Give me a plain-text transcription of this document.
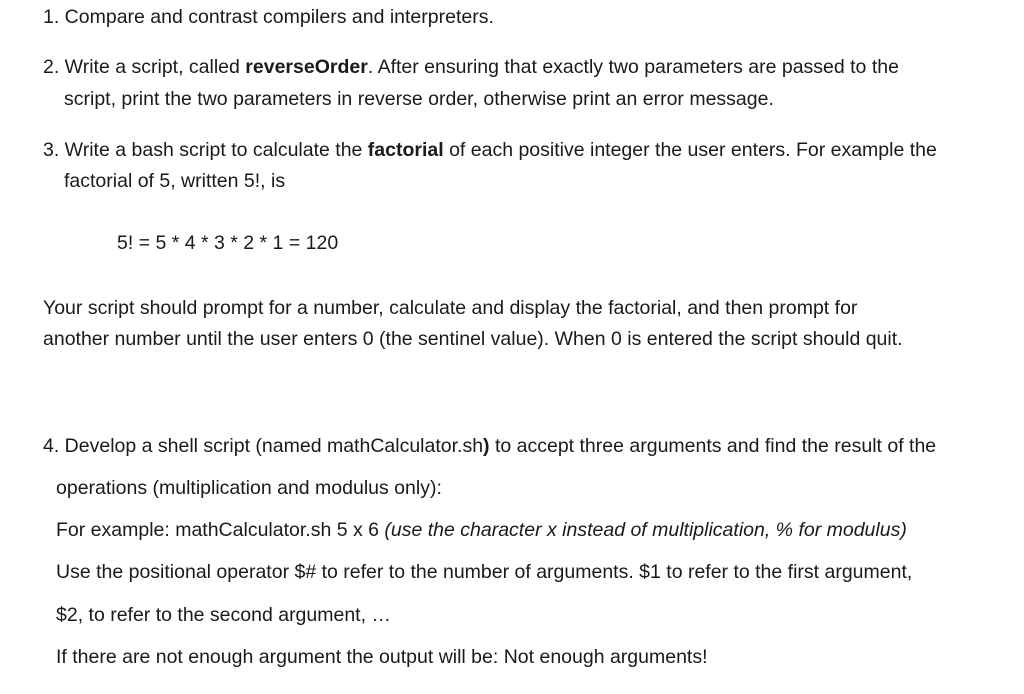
1. Compare and contrast compilers and interpreters.
2. Write a script, called reverseOrder. After ensuring that exactly two parameters are passed to the
script, print the two parameters in reverse order, otherwise print an error message.
3. Write a bash script to calculate the factorial of each positive integer the user enters. For example the
factorial of 5, written 5!, is
5! = 5 * 4 * 3 * 2 * 1 = 120
Your script should prompt for a number, calculate and display the factorial, and then prompt for
another number until the user enters 0 (the sentinel value). When 0 is entered the script should quit.
4. Develop a shell script (named mathCalculator.sh) to accept three arguments and find the result of the
operations (multiplication and modulus only):
For example: mathCalculator.sh 5 x 6 (use the character x instead of multiplication, % for modulus)
Use the positional operator $# to refer to the number of arguments. $1 to refer to the first argument,
$2, to refer to the second argument, …
If there are not enough argument the output will be: Not enough arguments!
